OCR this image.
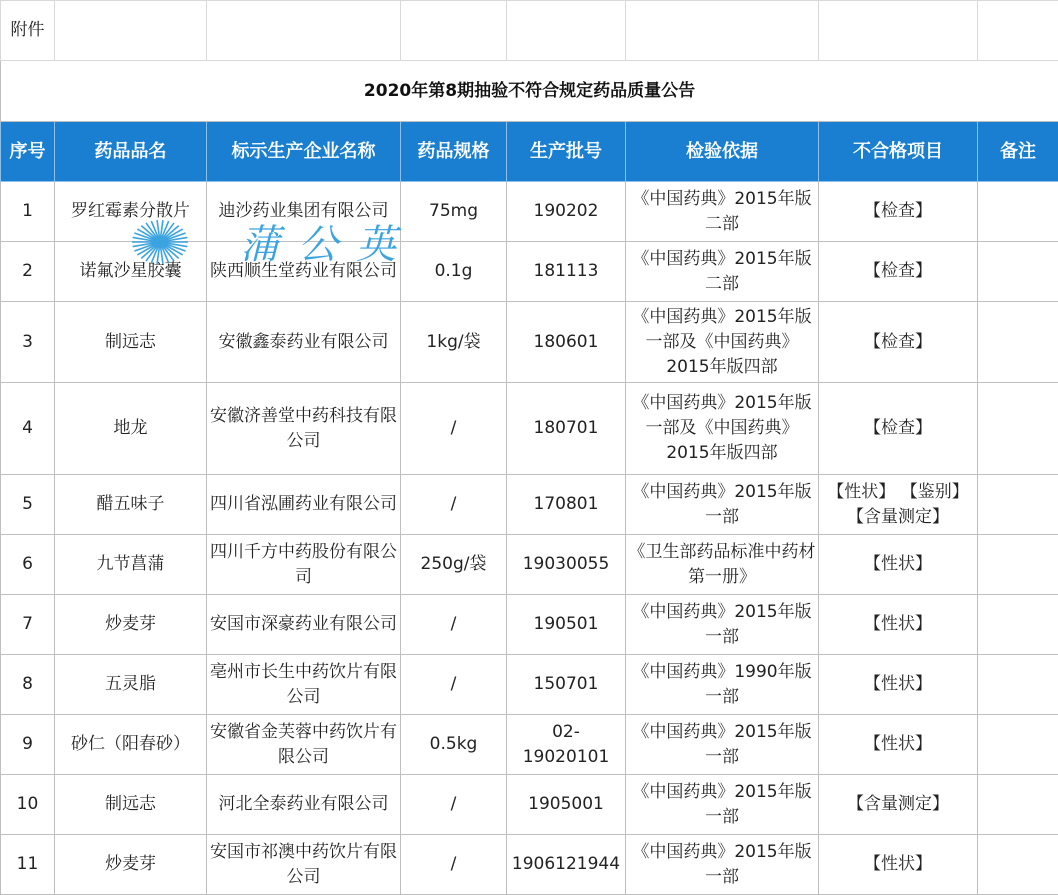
附件							
2020年第8期抽验不符合规定药品质量公告							
序号	药品品名	标示生产企业名称	药品规格	生产批号	检验依据	不合格项目	备注
1	罗红霉素分散片	迪沙药业集团有限公司	75mg	190202	《中国药典》2015年版二部	【检查】	
2	诺氟沙星胶囊	陕西顺生堂药业有限公司	0.1g	181113	《中国药典》2015年版二部	【检查】	
3	制远志	安徽鑫泰药业有限公司	1kg/袋	180601	《中国药典》2015年版一部及《中国药典》2015年版四部	【检查】	
4	地龙	安徽济善堂中药科技有限公司	/	180701	《中国药典》2015年版一部及《中国药典》2015年版四部	【检查】	
5	醋五味子	四川省泓圃药业有限公司	/	170801	《中国药典》2015年版一部	【性状】 【鉴别】 【含量测定】	
6	九节菖蒲	四川千方中药股份有限公司	250g/袋	19030055	《卫生部药品标准中药材第一册》	【性状】	
7	炒麦芽	安国市深豪药业有限公司	/	190501	《中国药典》2015年版一部	【性状】	
8	五灵脂	亳州市长生中药饮片有限公司	/	150701	《中国药典》1990年版一部	【性状】	
9	砂仁（阳春砂）	安徽省金芙蓉中药饮片有限公司	0.5kg	02-19020101	《中国药典》2015年版一部	【性状】	
10	制远志	河北全泰药业有限公司	/	1905001	《中国药典》2015年版一部	【含量测定】	
11	炒麦芽	安国市祁澳中药饮片有限公司	/	1906121944	《中国药典》2015年版一部	【性状】	
蒲公英
